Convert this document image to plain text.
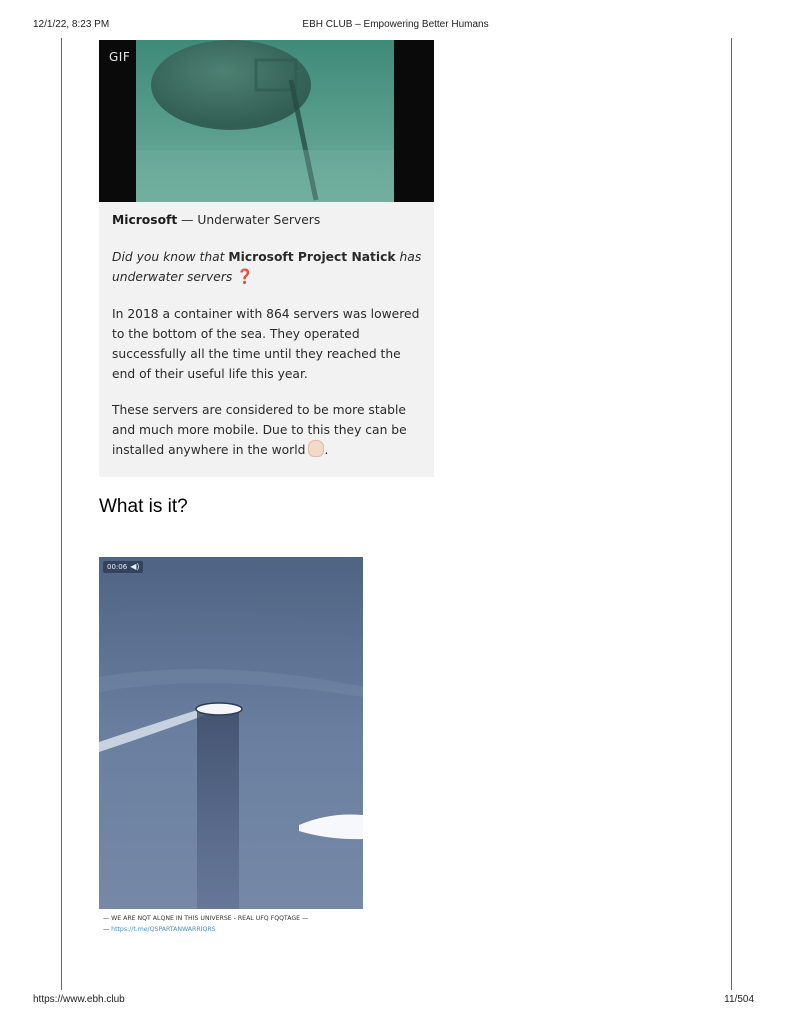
12/1/22, 8:23 PM	EBH CLUB – Empowering Better Humans
GIF
Microsoft — Underwater Servers
Did you know that Microsoft Project Natick has underwater servers ❓
In 2018 a container with 864 servers was lowered to the bottom of the sea. They operated successfully all the time until they reached the end of their useful life this year.
These servers are considered to be more stable and much more mobile. Due to this they can be installed anywhere in the world .
What is it?
00:06 ◀)
— WE ARE NQT ALQNE IN THIS UNIVERSE - REAL UFQ FQQTAGE —
— https://t.me/QSPARTANWARRIQRS
https://www.ebh.club	11/504
